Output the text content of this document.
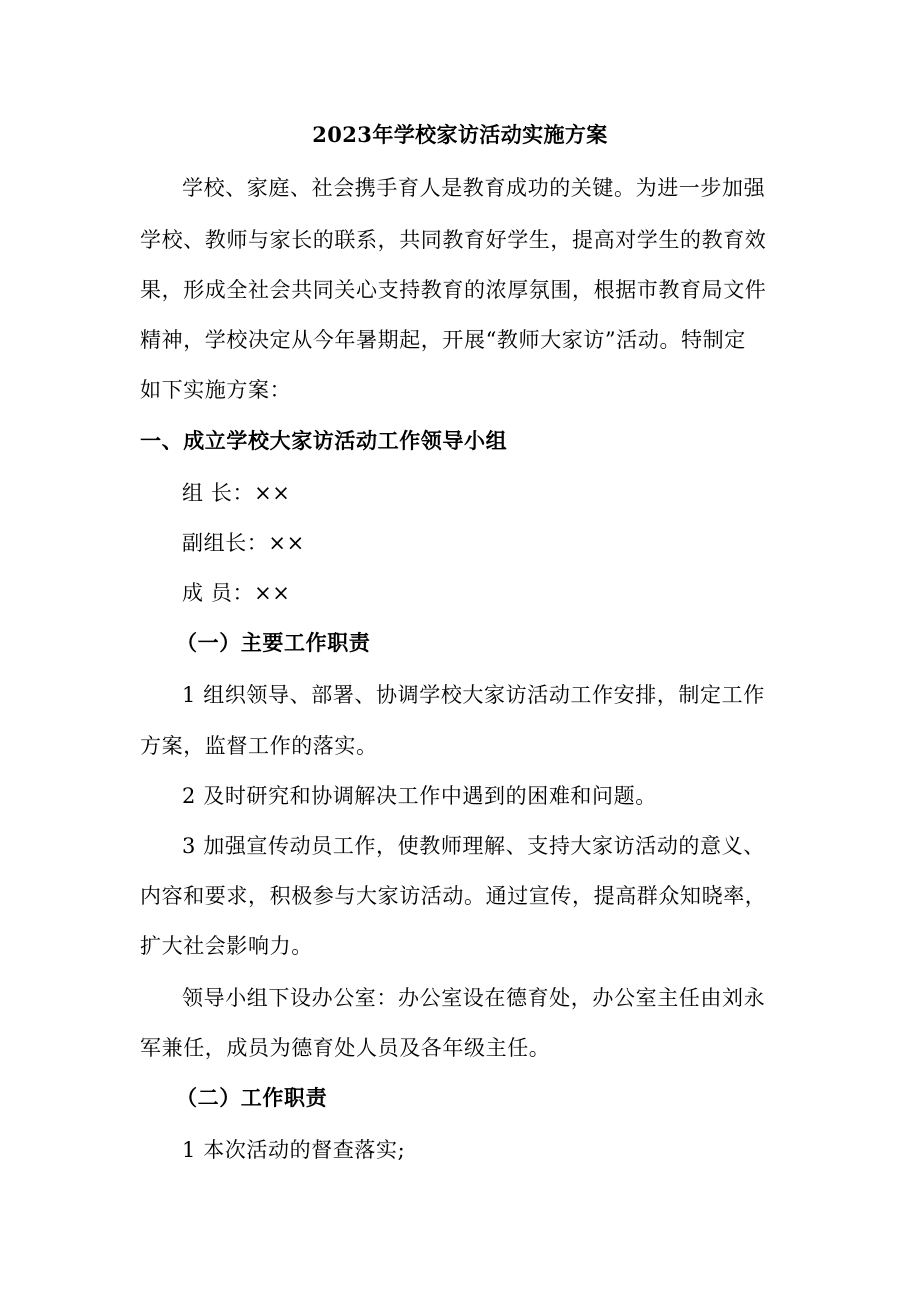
2023年学校家访活动实施方案
学校、家庭、社会携手育人是教育成功的关键。为进一步加强
学校、教师与家长的联系，共同教育好学生，提高对学生的教育效
果，形成全社会共同关心支持教育的浓厚氛围，根据市教育局文件
精神，学校决定从今年暑期起，开展“教师大家访”活动。特制定
如下实施方案：
一、成立学校大家访活动工作领导小组
组 长：××
副组长：××
成 员：××
（一）主要工作职责
1 组织领导、部署、协调学校大家访活动工作安排，制定工作
方案，监督工作的落实。
2 及时研究和协调解决工作中遇到的困难和问题。
3 加强宣传动员工作，使教师理解、支持大家访活动的意义、
内容和要求，积极参与大家访活动。通过宣传，提高群众知晓率，
扩大社会影响力。
领导小组下设办公室：办公室设在德育处，办公室主任由刘永
军兼任，成员为德育处人员及各年级主任。
（二）工作职责
1 本次活动的督查落实;
